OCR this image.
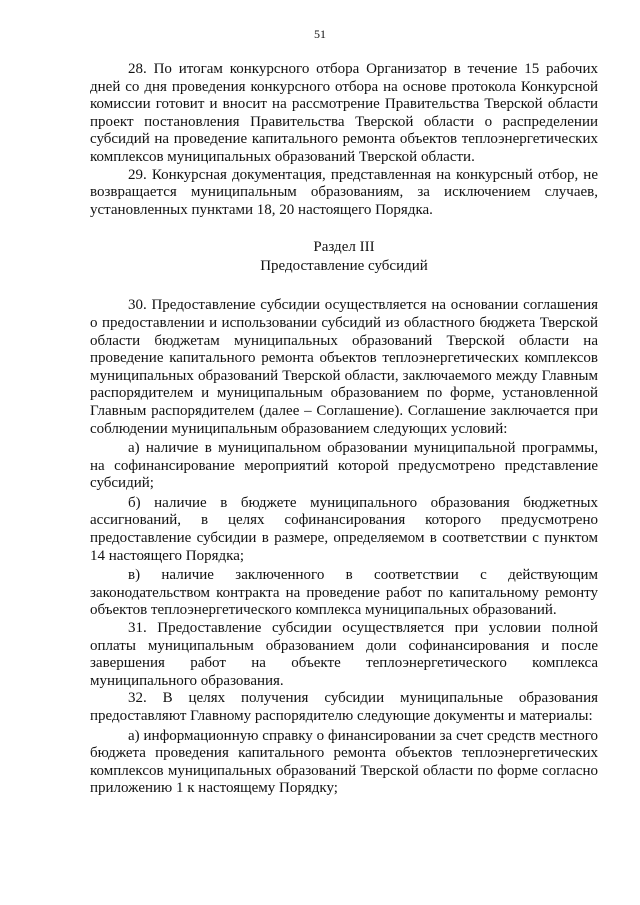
51

28. По итогам конкурсного отбора Организатор в течение 15 рабочих дней со дня проведения конкурсного отбора на основе протокола Конкурсной комиссии готовит и вносит на рассмотрение Правительства Тверской области проект постановления Правительства Тверской области о распределении субсидий на проведение капитального ремонта объектов теплоэнергетических комплексов муниципальных образований Тверской области.

29. Конкурсная документация, представленная на конкурсный отбор, не возвращается муниципальным образованиям, за исключением случаев, установленных пунктами 18, 20 настоящего Порядка.

Раздел III
Предоставление субсидий

30. Предоставление субсидии осуществляется на основании соглашения о предоставлении и использовании субсидий из областного бюджета Тверской области бюджетам муниципальных образований Тверской области на проведение капитального ремонта объектов теплоэнергетических комплексов муниципальных образований Тверской области, заключаемого между Главным распорядителем и муниципальным образованием по форме, установленной Главным распорядителем (далее – Соглашение). Соглашение заключается при соблюдении муниципальным образованием следующих условий:

а) наличие в муниципальном образовании муниципальной программы, на софинансирование мероприятий которой предусмотрено представление субсидий;

б) наличие в бюджете муниципального образования бюджетных ассигнований, в целях софинансирования которого предусмотрено предоставление субсидии в размере, определяемом в соответствии с пунктом 14 настоящего Порядка;

в) наличие заключенного в соответствии с действующим законодательством контракта на проведение работ по капитальному ремонту объектов теплоэнергетического комплекса муниципальных образований.

31. Предоставление субсидии осуществляется при условии полной оплаты муниципальным образованием доли софинансирования и после завершения работ на объекте теплоэнергетического комплекса муниципального образования.

32. В целях получения субсидии муниципальные образования предоставляют Главному распорядителю следующие документы и материалы:

а) информационную справку о финансировании за счет средств местного бюджета проведения капитального ремонта объектов теплоэнергетических комплексов муниципальных образований Тверской области по форме согласно приложению 1 к настоящему Порядку;
